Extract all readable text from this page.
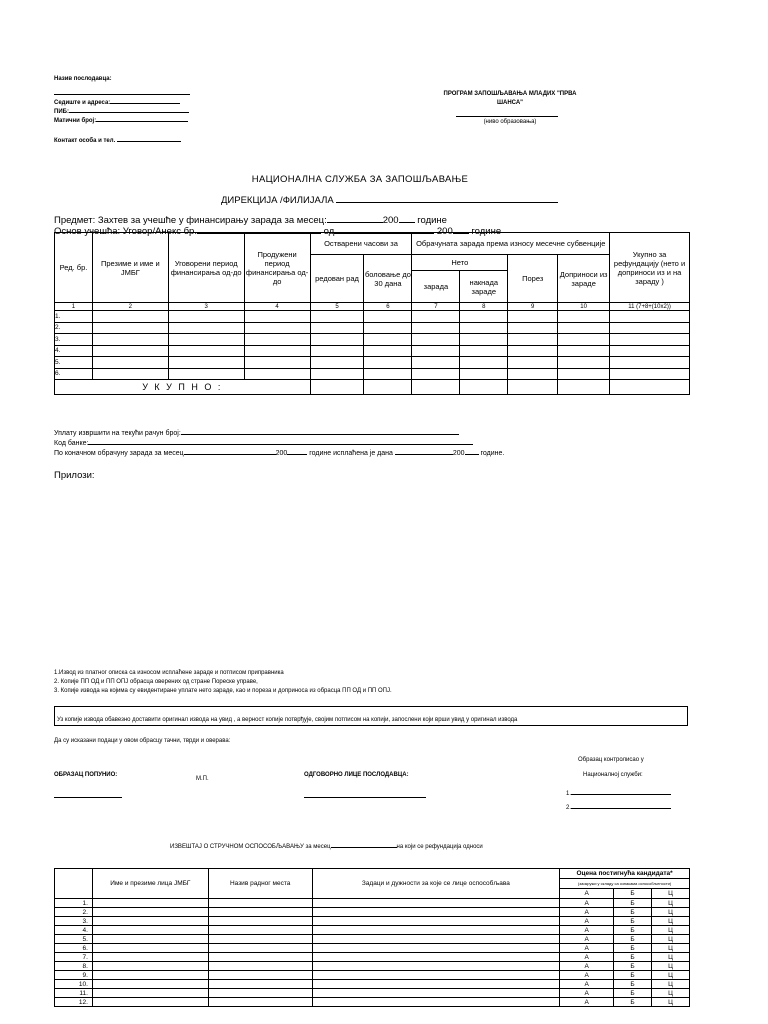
Назив послодавца:
Седиште и адреса:
ПИБ:
Матични број:
Контакт особа и тел.
ПРОГРАМ ЗАПОШЉАВАЊА МЛАДИХ "ПРВА
ШАНСА"
(ниво образовања)
НАЦИОНАЛНА СЛУЖБА ЗА ЗАПОШЉАВАЊЕ
ДИРЕКЦИЈА /ФИЛИЈАЛА
Предмет: Захтев за учешће у финансирању зарада за месец:	200 године
Основ учешћа: Уговор/Анекс бр.	од	200 године
Ред. бр.	Презиме и име и ЈМБГ	Уговорени период финансирања од-до	Продужени период финансирања од- до	Остварени часови за		Обрачуната зарада према износу месечне субвенције				Укупно за рефундацију (нето и доприноси из и на зараду )
				редован рад	боловање до 30 дана	Нето		Порез	Доприноси из зараде	
						зарада	накнада зараде			
1	2	3	4	5	6	7	8	9	10	11 (7+8+(10х2))
1.										
2.										
3.										
4.										
5.										
6.										
У К У П Н О :										
Уплату извршити на текући рачун број:
Код банке:
По коначном обрачуну зарада за месец	200	године исплаћена је дана	200 године.
Прилози:
1.Извод из платног описка са износом исплаћене зараде и потписом приправника
2. Копије ПП ОД и ПП ОПЈ обрасца оверених од стране Пореске управе,
3. Копије извода на којима су евидентиране уплате нето зараде, као и пореза и доприноса из обрасца ПП ОД и ПП ОПЈ.
Уз копије извода обавезно доставити оригинал извода на увид , а верност копије потврђује, својим потписом на копији, запослени који врши увид у оригинал извода
Да су исказани подаци у овом обрасцу тачни, тврди и оверава:
Образац контролисао у
ОБРАЗАЦ ПОПУНИО:
М.П.
ОДГОВОРНО ЛИЦЕ ПОСЛОДАВЦА:	Националној служби:
1.
2.
ИЗВЕШТАЈ О СТРУЧНОМ ОСПОСОБЉАВАЊУ за месец	на који се рефундација односи
	Име и презиме лица ЈМБГ	Назив радног места	Задаци и дужности за које се лице оспособљава	Оцена постигнућа кандидата*		
				(заокружи у складу са ознакама оспособљености)		
				А	Б	Ц
1.				А	Б	Ц
2.				А	Б	Ц
3.				А	Б	Ц
4.				А	Б	Ц
5.				А	Б	Ц
6.				А	Б	Ц
7.				А	Б	Ц
8.				А	Б	Ц
9.				А	Б	Ц
10.				А	Б	Ц
11.				А	Б	Ц
12.				А	Б	Ц
